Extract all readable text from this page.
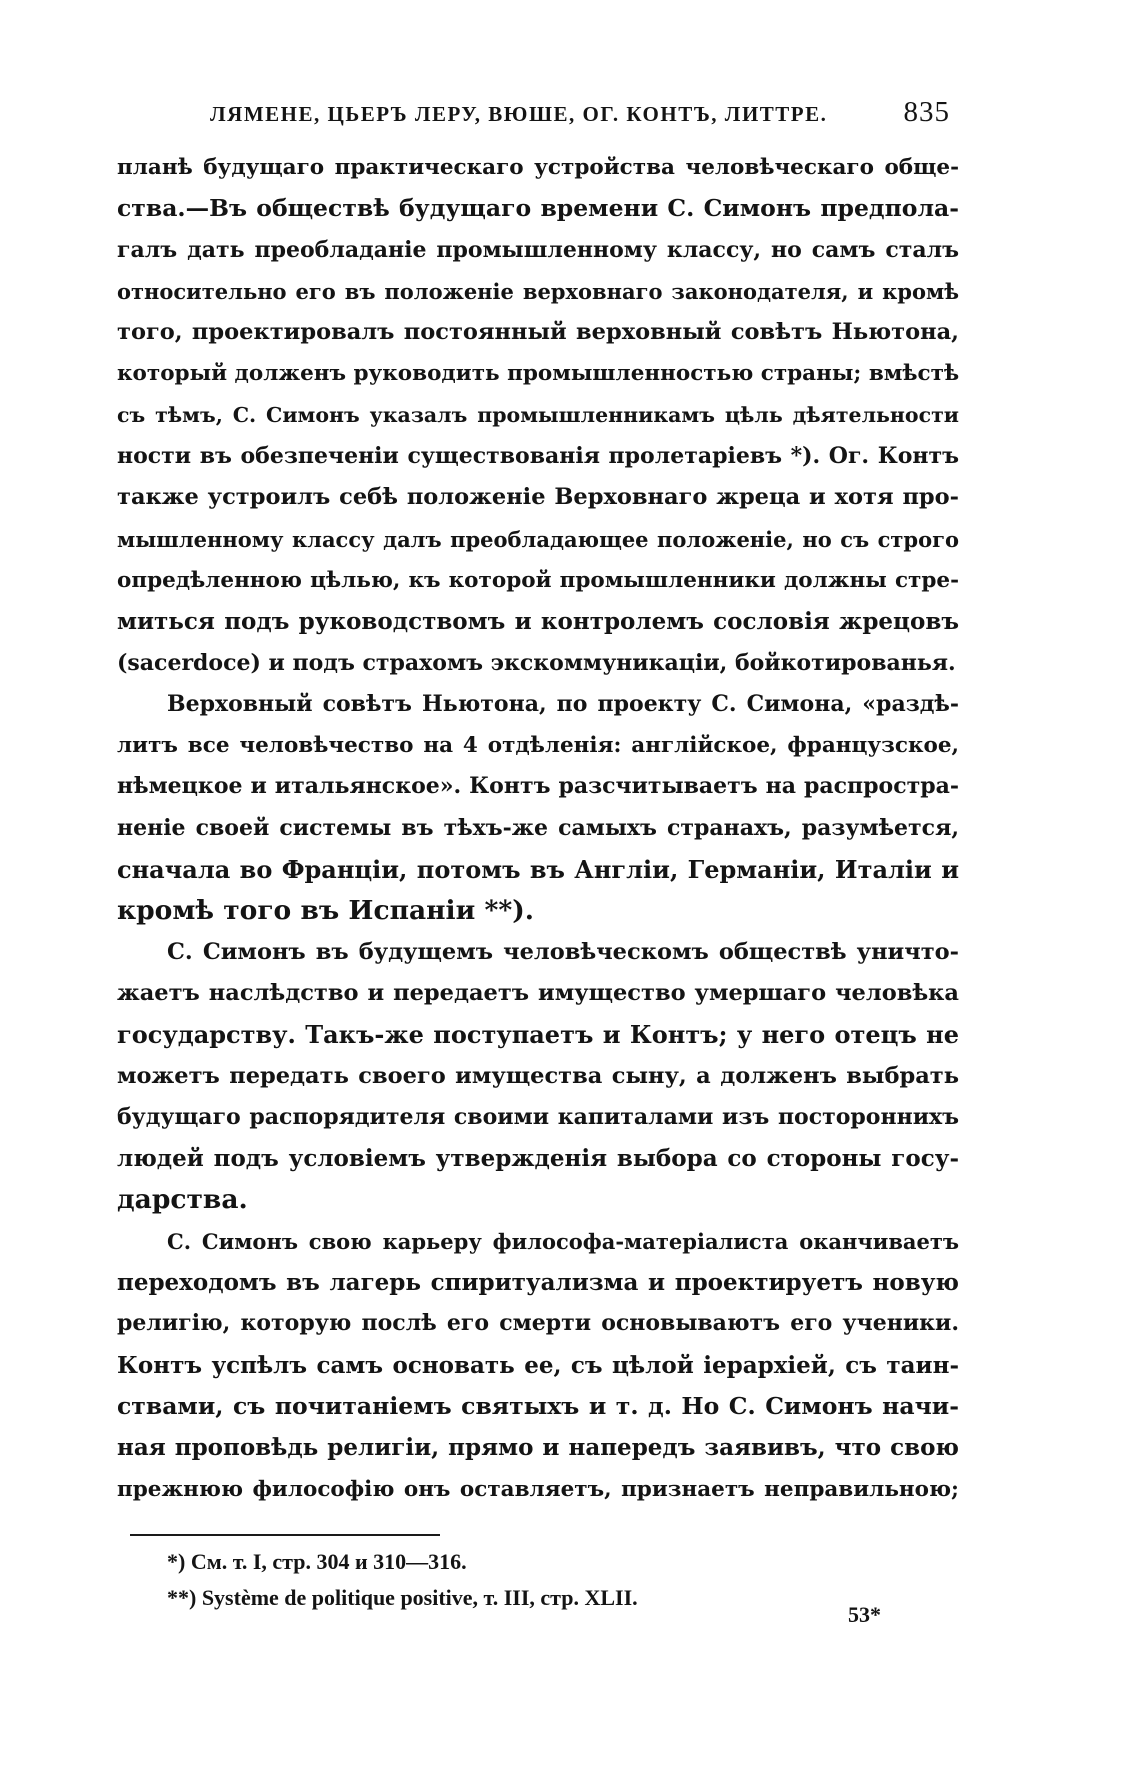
ЛЯМЕНЕ, ЦЬЕРЪ ЛЕРУ, ВЮШЕ, ОГ. КОНТЪ, ЛИТТРЕ.	835
планѣ будущаго практическаго устройства человѣческаго обще-
ства.—Въ обществѣ будущаго времени С. Симонъ предпола-
галъ дать преобладаніе промышленному классу, но самъ сталъ
относительно его въ положеніе верховнаго законодателя, и кромѣ
того, проектировалъ постоянный верховный совѣтъ Ньютона,
который долженъ руководить промышленностью страны; вмѣстѣ
съ тѣмъ, С. Симонъ указалъ промышленникамъ цѣль дѣятельности
ности въ обезпеченіи существованія пролетаріевъ *). Ог. Контъ
также устроилъ себѣ положеніе Верховнаго жреца и хотя про-
мышленному классу далъ преобладающее положеніе, но съ строго
опредѣленною цѣлью, къ которой промышленники должны стре-
миться подъ руководствомъ и контролемъ сословія жрецовъ
(sacerdoce) и подъ страхомъ экскоммуникаціи, бойкотированья.
Верховный совѣтъ Ньютона, по проекту С. Симона, «раздѣ-
литъ все человѣчество на 4 отдѣленія: англійское, французское,
нѣмецкое и итальянское». Контъ разсчитываетъ на распростра-
неніе своей системы въ тѣхъ-же самыхъ странахъ, разумѣется,
сначала во Франціи, потомъ въ Англіи, Германіи, Италіи и
кромѣ того въ Испаніи **).
С. Симонъ въ будущемъ человѣческомъ обществѣ уничто-
жаетъ наслѣдство и передаетъ имущество умершаго человѣка
государству. Такъ-же поступаетъ и Контъ; у него отецъ не
можетъ передать своего имущества сыну, а долженъ выбрать
будущаго распорядителя своими капиталами изъ постороннихъ
людей подъ условіемъ утвержденія выбора со стороны госу-
дарства.
С. Симонъ свою карьеру философа-матеріалиста оканчиваетъ
переходомъ въ лагерь спиритуализма и проектируетъ новую
религію, которую послѣ его смерти основываютъ его ученики.
Контъ успѣлъ самъ основать ее, съ цѣлой іерархіей, съ таин-
ствами, съ почитаніемъ святыхъ и т. д. Но С. Симонъ начи-
ная проповѣдь религіи, прямо и напередъ заявивъ, что свою
прежнюю философію онъ оставляетъ, признаетъ неправильною;
*) См. т. I, стр. 304 и 310—316.
**) Système de politique positive, т. III, стр. XLII.
53*
